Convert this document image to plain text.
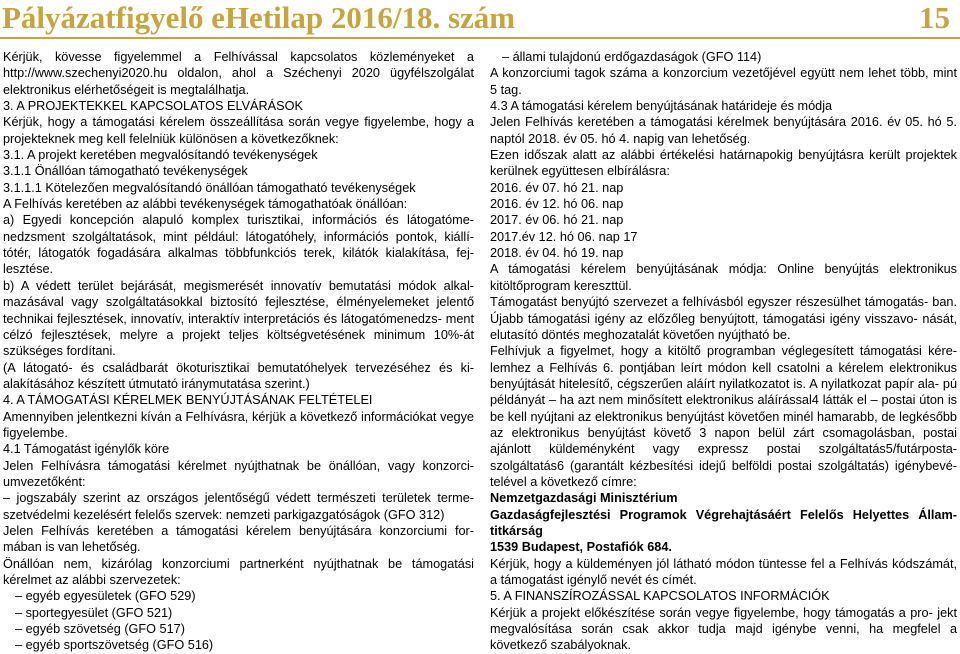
Pályázatfigyelő eHetilap 2016/18. szám	15
Kérjük, kövesse figyelemmel a Felhívással kapcsolatos közleményeket a http://www.szechenyi2020.hu oldalon, ahol a Széchenyi 2020 ügyfélszolgálat elektronikus elérhetőségeit is megtalálhatja.
3. A PROJEKTEKKEL KAPCSOLATOS ELVÁRÁSOK
Kérjük, hogy a támogatási kérelem összeállítása során vegye figyelembe, hogy a projekteknek meg kell felelniük különösen a következőknek:
3.1. A projekt keretében megvalósítandó tevékenységek
3.1.1 Önállóan támogatható tevékenységek
3.1.1.1 Kötelezően megvalósítandó önállóan támogatható tevékenységek
A Felhívás keretében az alábbi tevékenységek támogathatóak önállóan:
a) Egyedi koncepción alapuló komplex turisztikai, információs és látogatóme- nedzsment szolgáltatások, mint például: látogatóhely, információs pontok, kiállí- tótér, látogatók fogadására alkalmas többfunkciós terek, kilátók kialakítása, fej- lesztése.
b) A védett terület bejárását, megismerését innovatív bemutatási módok alkal- mazásával vagy szolgáltatásokkal biztosító fejlesztése, élményelemeket jelentő technikai fejlesztések, innovatív, interaktív interpretációs és látogatómenedzs- ment célzó fejlesztések, melyre a projekt teljes költségvetésének minimum 10%-át szükséges fordítani.
(A látogató- és családbarát ökoturisztikai bemutatóhelyek tervezéséhez és ki- alakításához készített útmutató iránymutatása szerint.)
4. A TÁMOGATÁSI KÉRELMEK BENYÚJTÁSÁNAK FELTÉTELEI
Amennyiben jelentkezni kíván a Felhívásra, kérjük a következő információkat vegye figyelembe.
4.1 Támogatást igénylők köre
Jelen Felhívásra támogatási kérelmet nyújthatnak be önállóan, vagy konzorci- umvezetőként:
– jogszabály szerint az országos jelentőségű védett természeti területek terme- szetvédelmi kezelésért felelős szervek: nemzeti parkigazgatóságok (GFO 312)
Jelen Felhívás keretében a támogatási kérelem benyújtására konzorciumi for- mában is van lehetőség.
Önállóan nem, kizárólag konzorciumi partnerként nyújthatnak be támogatási kérelmet az alábbi szervezetek:
– egyéb egyesületek (GFO 529)
– sportegyesület (GFO 521)
– egyéb szövetség (GFO 517)
– egyéb sportszövetség (GFO 516)
– állami tulajdonú erdőgazdaságok (GFO 114)
A konzorciumi tagok száma a konzorcium vezetőjével együtt nem lehet több, mint 5 tag.
4.3 A támogatási kérelem benyújtásának határideje és módja
Jelen Felhívás keretében a támogatási kérelmek benyújtására 2016. év 05. hó 5. naptól 2018. év 05. hó 4. napig van lehetőség.
Ezen időszak alatt az alábbi értékelési határnapokig benyújtásra került projektek kerülnek együttesen elbírálásra:
2016. év 07. hó 21. nap
2016. év 12. hó 06. nap
2017. év 06. hó 21. nap
2017.év 12. hó 06. nap 17
2018. év 04. hó 19. nap
A támogatási kérelem benyújtásának módja: Online benyújtás elektronikus kitöltőprogram kereszttül.
Támogatást benyújtó szervezet a felhívásból egyszer részesülhet támogatás- ban. Újabb támogatási igény az előzőleg benyújtott, támogatási igény visszavo- nását, elutasító döntés meghozatalát követően nyújtható be.
Felhívjuk a figyelmet, hogy a kitöltő programban véglegesített támogatási kére- lemhez a Felhívás 6. pontjában leírt módon kell csatolni a kérelem elektronikus benyújtását hitelesítő, cégszerűen aláírt nyilatkozatot is. A nyilatkozat papír ala- pú példányát – ha azt nem minősített elektronikus aláírással4 látták el – postai úton is be kell nyújtani az elektronikus benyújtást követően minél hamarabb, de legkésőbb az elektronikus benyújtást követő 3 napon belül zárt csomagolásban, postai ajánlott küldeményként vagy expressz postai szolgáltatás5/futárposta- szolgáltatás6 (garantált kézbesítési idejű belföldi postai szolgáltatás) igénybevé- telével a következő címre:
Nemzetgazdasági Minisztérium
Gazdaságfejlesztési Programok Végrehajtásáért Felelős Helyettes Állam- titkárság
1539 Budapest, Postafiók 684.
Kérjük, hogy a küldeményen jól látható módon tüntesse fel a Felhívás kódszámát, a támogatást igénylő nevét és címét.
5. A FINANSZÍROZÁSSAL KAPCSOLATOS INFORMÁCIÓK
Kérjük a projekt előkészítése során vegye figyelembe, hogy támogatás a pro- jekt megvalósítása során csak akkor tudja majd igénybe venni, ha megfelel a következő szabályoknak.
